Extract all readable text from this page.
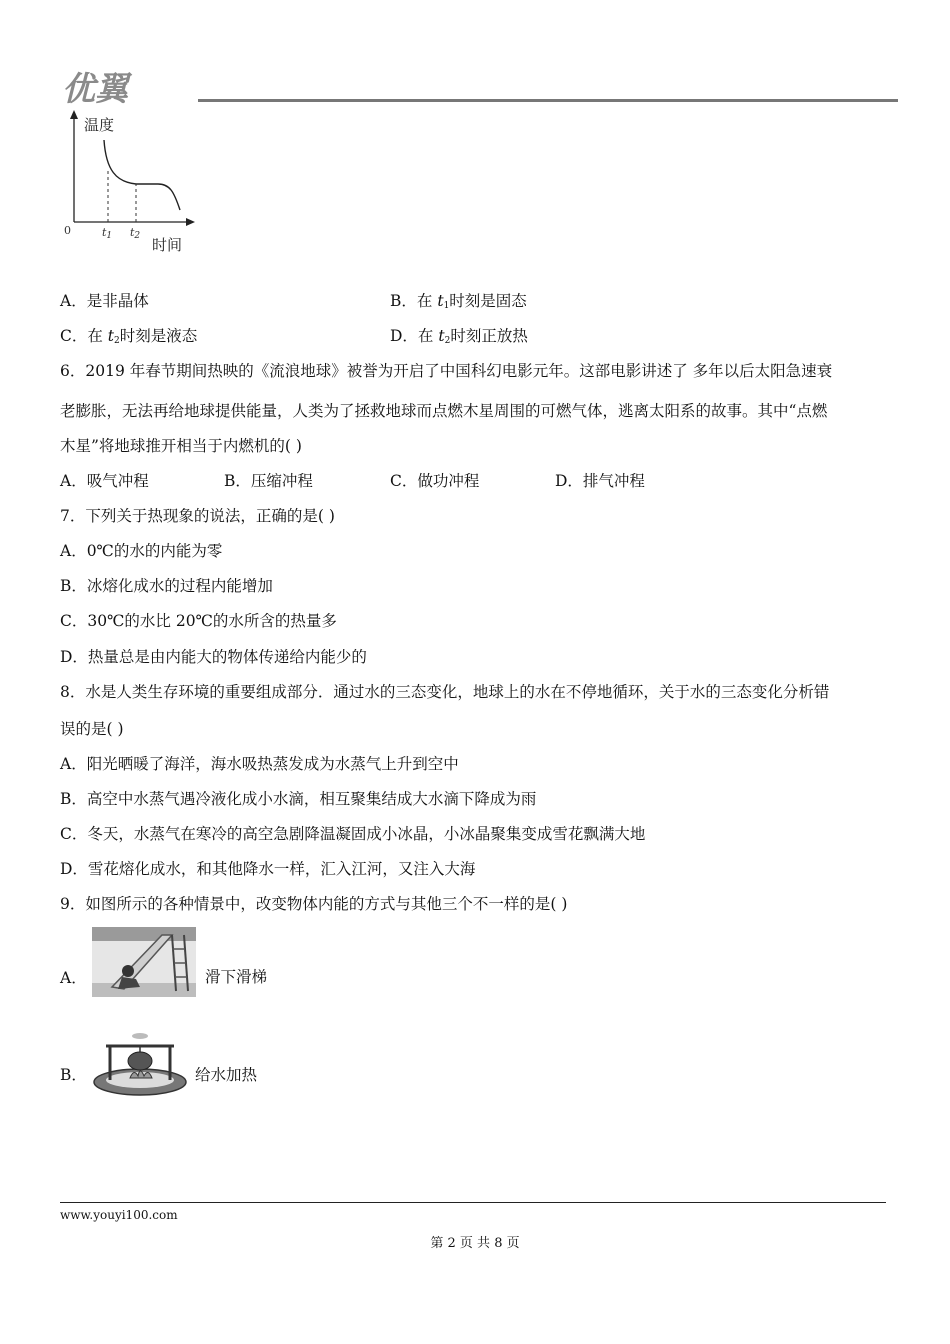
优翼
温度
时间
0	$t_1$ $t_2$
A．是非晶体	B．在 $t_1$时刻是固态
C．在 $t_2$时刻是液态	D．在 $t_2$时刻正放热
6．2019 年春节期间热映的《流浪地球》被誉为开启了中国科幻电影元年。这部电影讲述了 多年以后太阳急速衰
老膨胀，无法再给地球提供能量，人类为了拯救地球而点燃木星周围的可燃气体，逃离太阳系的故事。其中“点燃
木星”将地球推开相当于内燃机的( )
A．吸气冲程	B．压缩冲程	C．做功冲程	D．排气冲程
7．下列关于热现象的说法，正确的是( )
A．0℃的水的内能为零
B．冰熔化成水的过程内能增加
C．30℃的水比 20℃的水所含的热量多
D．热量总是由内能大的物体传递给内能少的
8．水是人类生存环境的重要组成部分．通过水的三态变化，地球上的水在不停地循环，关于水的三态变化分析错
误的是( )
A．阳光晒暖了海洋，海水吸热蒸发成为水蒸气上升到空中
B．高空中水蒸气遇冷液化成小水滴，相互聚集结成大水滴下降成为雨
C．冬天，水蒸气在寒冷的高空急剧降温凝固成小冰晶，小冰晶聚集变成雪花飘满大地
D．雪花熔化成水，和其他降水一样，汇入江河，又注入大海
9．如图所示的各种情景中，改变物体内能的方式与其他三个不一样的是( )
A．	滑下滑梯
B．	给水加热
www.youyi100.com
第 2 页 共 8 页
